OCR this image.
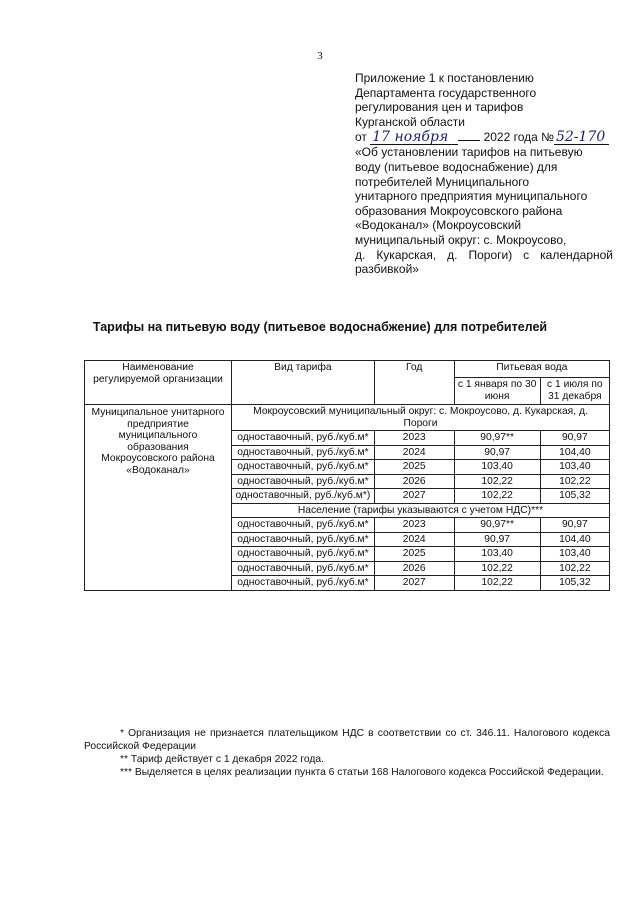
3
Приложение 1 к постановлению
Департамента государственного
регулирования цен и тарифов
Курганской области
от 17 ноября	2022 года № 52-170
«Об установлении тарифов на питьевую
воду (питьевое водоснабжение) для
потребителей Муниципального
унитарного предприятия муниципального
образования Мокроусовского района
«Водоканал» (Мокроусовский
муниципальный округ: с. Мокроусово,
д. Кукарская, д. Пороги) с календарной
разбивкой»
Тарифы на питьевую воду (питьевое водоснабжение) для потребителей
Наименование регулируемой организации	Вид тарифа	Год	Питьевая вода	
			с 1 января по 30 июня	с 1 июля по 31 декабря
Муниципальное унитарного предприятие муниципального образования Мокроусовского района «Водоканал»	Мокроусовский муниципальный округ: с. Мокроусово, д. Кукарская, д. Пороги			
	одноставочный, руб./куб.м*	2023	90,97**	90,97
	одноставочный, руб./куб.м*	2024	90,97	104,40
	одноставочный, руб./куб.м*	2025	103,40	103,40
	одноставочный, руб./куб.м*	2026	102,22	102,22
	одноставочный, руб./куб.м*)	2027	102,22	105,32
	Население (тарифы указываются с учетом НДС)***			
	одноставочный, руб./куб.м*	2023	90,97**	90,97
	одноставочный, руб./куб.м*	2024	90,97	104,40
	одноставочный, руб./куб.м*	2025	103,40	103,40
	одноставочный, руб./куб.м*	2026	102,22	102,22
	одноставочный, руб./куб.м*	2027	102,22	105,32
* Организация не признается плательщиком НДС в соответствии со ст. 346.11. Налогового кодекса Российской Федерации
** Тариф действует с 1 декабря 2022 года.
*** Выделяется в целях реализации пункта 6 статьи 168 Налогового кодекса Российской Федерации.
